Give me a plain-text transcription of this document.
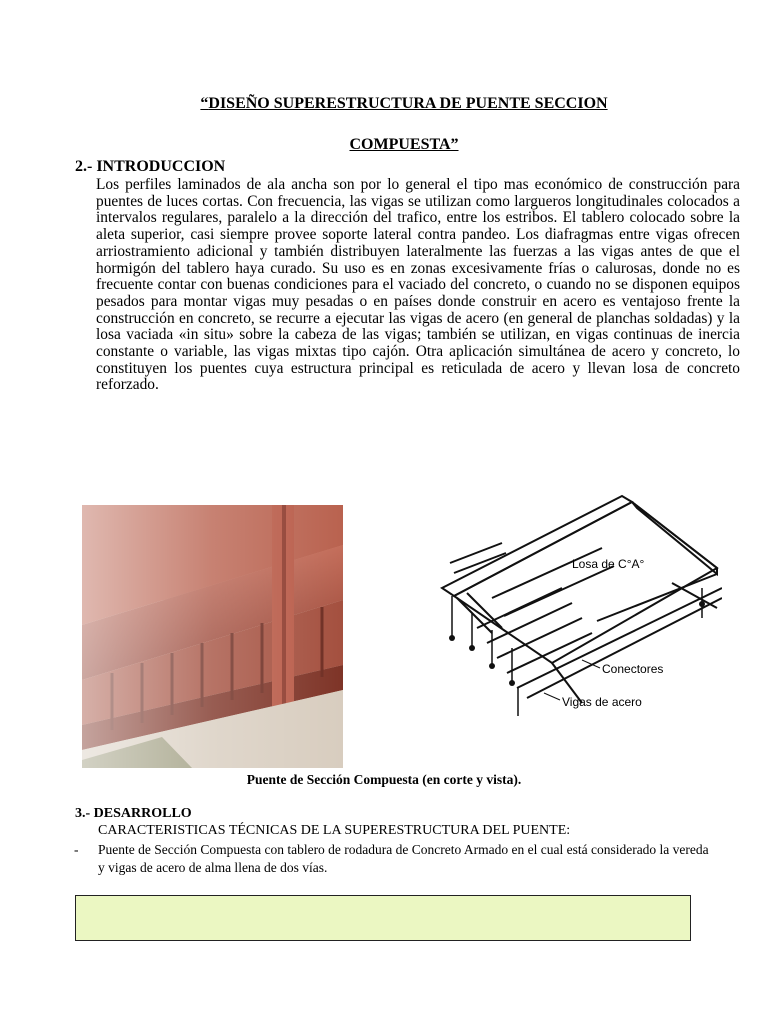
“DISEÑO SUPERESTRUCTURA DE PUENTE SECCION
COMPUESTA”
2.- INTRODUCCION
Los perfiles laminados de ala ancha son por lo general el tipo mas económico de construcción para puentes de luces cortas. Con frecuencia, las vigas se utilizan como largueros longitudinales colocados a intervalos regulares, paralelo a la dirección del trafico, entre los estribos. El tablero colocado sobre la aleta superior, casi siempre provee soporte lateral contra pandeo. Los diafragmas entre vigas ofrecen arriostramiento adicional y también distribuyen lateralmente las fuerzas a las vigas antes de que el hormigón del tablero haya curado. Su uso es en zonas excesivamente frías o calurosas, donde no es frecuente contar con buenas condiciones para el vaciado del concreto, o cuando no se disponen equipos pesados para montar vigas muy pesadas o en países donde construir en acero es ventajoso frente la construcción en concreto, se recurre a ejecutar las vigas de acero (en general de planchas soldadas) y la losa vaciada «in situ» sobre la cabeza de las vigas; también se utilizan, en vigas continuas de inercia constante o variable, las vigas mixtas tipo cajón. Otra aplicación simultánea de acero y concreto, lo constituyen los puentes cuya estructura principal es reticulada de acero y llevan losa de concreto reforzado.
Losa de C°A°
Conectores
Vigas de acero
Puente de Sección Compuesta (en corte y vista).
3.- DESARROLLO
CARACTERISTICAS TÉCNICAS DE LA SUPERESTRUCTURA DEL PUENTE:
- Puente de Sección Compuesta con tablero de rodadura de Concreto Armado en el cual está considerado la vereda y vigas de acero de alma llena de dos vías.
